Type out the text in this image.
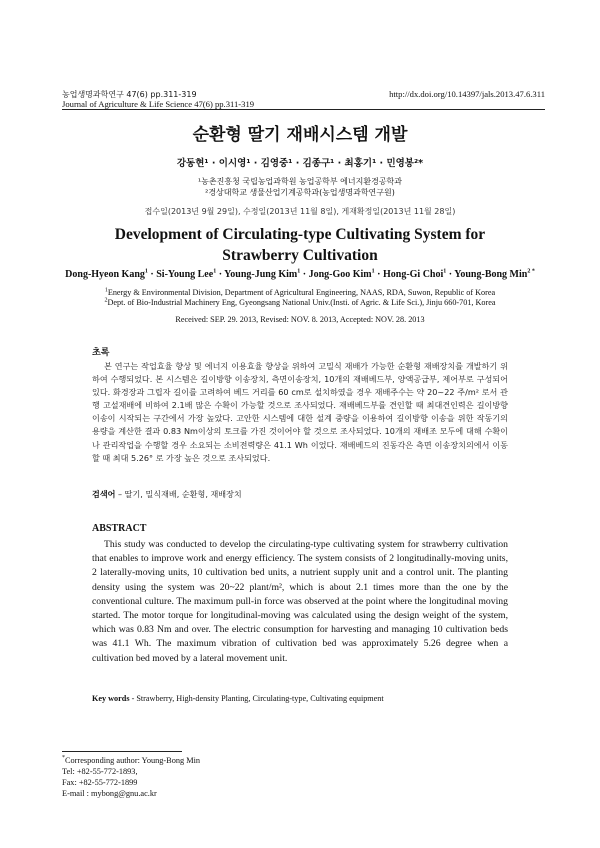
농업생명과학연구 47(6) pp.311-319	http://dx.doi.org/10.14397/jals.2013.47.6.311
Journal of Agriculture & Life Science 47(6) pp.311-319
순환형 딸기 재배시스템 개발
강동현¹ · 이시영¹ · 김영중¹ · 김종구¹ · 최홍기¹ · 민영봉²*
¹농촌진흥청 국립농업과학원 농업공학부 에너지환경공학과
²경상대학교 생물산업기계공학과(농업생명과학연구원)
접수일(2013년 9월 29일), 수정일(2013년 11월 8일), 게재확정일(2013년 11월 28일)
Development of Circulating-type Cultivating System for
Strawberry Cultivation
Dong-Hyeon Kang$^1$ · Si-Young Lee$^1$ · Young-Jung Kim$^1$ · Jong-Goo Kim$^1$ · Hong-Gi Choi$^1$ · Young-Bong Min$^{2 *}$
$^1$Energy & Environmental Division, Department of Agricultural Engineering, NAAS, RDA, Suwon, Republic of Korea
$^2$Dept. of Bio-Industrial Machinery Eng, Gyeongsang National Univ.(Insti. of Agric. & Life Sci.), Jinju 660-701, Korea
Received: SEP. 29. 2013, Revised: NOV. 8. 2013, Accepted: NOV. 28. 2013
초록
본 연구는 작업효율 향상 및 에너지 이용효율 향상을 위하여 고밀식 재배가 가능한 순환형 재배장치를 개발하기 위하여 수행되었다. 본 시스템은 길이방향 이송장치, 측면이송장치, 10개의 재배베드부, 양액공급부, 제어부로 구성되어있다. 화경장과 그립자 길이를 고려하여 베드 거리를 60 cm로 설치하였을 경우 재배주수는 약 20~22 주/m² 로서 관행 고설재배에 비하여 2.1배 많은 수확이 가능할 것으로 조사되었다. 재배베드부를 견인할 때 최대견인력은 길이방향 이송이 시작되는 구간에서 가장 높았다. 고안한 시스템에 대한 설계 중량을 이용하여 길이방향 이송을 위한 작동기의 용량을 계산한 결과 0.83 Nm이상의 토크를 가진 것이어야 할 것으로 조사되었다. 10개의 재배조 모두에 대해 수확이나 관리작업을 수행할 경우 소요되는 소비전력량은 41.1 Wh 이었다. 재배베드의 진동각은 측면 이송장치의에서 이동할 때 최대 5.26° 로 가장 높은 것으로 조사되었다.
검색어 – 딸기, 밀식재배, 순환형, 재배장치
ABSTRACT
This study was conducted to develop the circulating-type cultivating system for strawberry cultivation that enables to improve work and energy efficiency. The system consists of 2 longitudinally-moving units, 2 laterally-moving units, 10 cultivation bed units, a nutrient supply unit and a control unit. The planting density using the system was 20~22 plant/m², which is about 2.1 times more than the one by the conventional culture. The maximum pull-in force was observed at the point where the longitudinal moving started. The motor torque for longitudinal-moving was calculated using the design weight of the system, which was 0.83 Nm and over. The electric consumption for harvesting and managing 10 cultivation beds was 41.1 Wh. The maximum vibration of cultivation bed was approximately 5.26 degree when a cultivation bed moved by a lateral movement unit.
Key words - Strawberry, High-density Planting, Circulating-type, Cultivating equipment
*Corresponding author: Young-Bong Min
Tel: +82-55-772-1893,
Fax: +82-55-772-1899
E-mail : mybong@gnu.ac.kr
